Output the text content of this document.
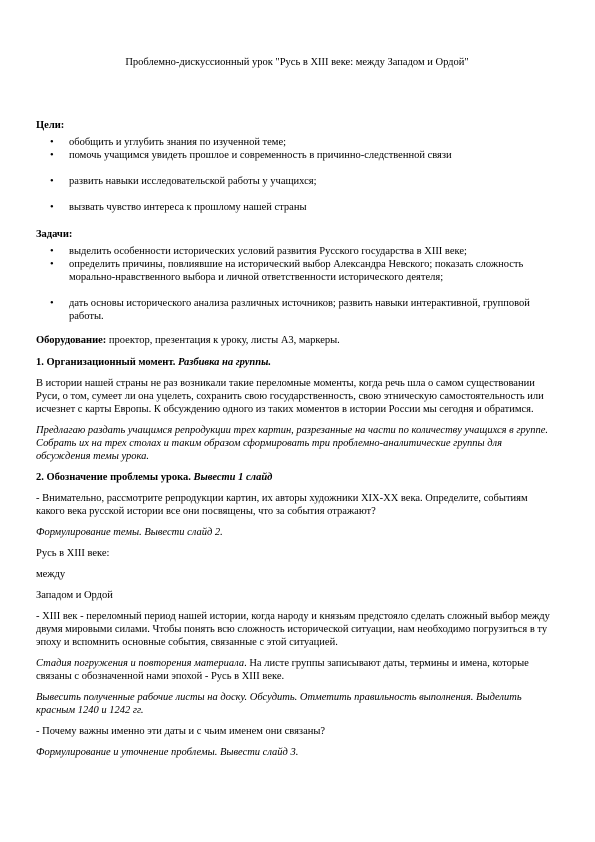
Проблемно-дискуссионный урок "Русь в XIII веке: между Западом и Ордой"

Цели:

• обобщить и углубить знания по изученной теме;
• помочь учащимся увидеть прошлое и современность в причинно-следственной связи
• развить навыки исследовательской работы у учащихся;
• вызвать чувство интереса к прошлому нашей страны

Задачи:

• выделить особенности исторических условий развития Русского государства в XIII веке;
• определить причины, повлиявшие на исторический выбор Александра Невского; показать сложность морально-нравственного выбора и личной ответственности исторического деятеля;
• дать основы исторического анализа различных источников; развить навыки интерактивной, групповой работы.

Оборудование: проектор, презентация к уроку, листы А3, маркеры.

1. Организационный момент. Разбивка на группы.

В истории нашей страны не раз возникали такие переломные моменты, когда речь шла о самом существовании Руси, о том, сумеет ли она уцелеть, сохранить свою государственность, свою этническую самостоятельность или исчезнет с карты Европы. К обсуждению одного из таких моментов в истории России мы сегодня и обратимся.

Предлагаю раздать учащимся репродукции трех картин, разрезанные на части по количеству учащихся в группе. Собрать их на трех столах и таким образом сформировать три проблемно-аналитические группы для обсуждения темы урока.

2. Обозначение проблемы урока. Вывести 1 слайд

- Внимательно, рассмотрите репродукции картин, их авторы художники XIX-XX века. Определите, событиям какого века русской истории все они посвящены, что за события отражают?

Формулирование темы. Вывести слайд 2.

Русь в XIII веке:

между

Западом и Ордой

- XIII век - переломный период нашей истории, когда народу и князьям предстояло сделать сложный выбор между двумя мировыми силами. Чтобы понять всю сложность исторической ситуации, нам необходимо погрузиться в ту эпоху и вспомнить основные события, связанные с этой ситуацией.

Стадия погружения и повторения материала. На листе группы записывают даты, термины и имена, которые связаны с обозначенной нами эпохой - Русь в XIII веке.

Вывесить полученные рабочие листы на доску. Обсудить. Отметить правильность выполнения. Выделить красным 1240 и 1242 гг.

- Почему важны именно эти даты и с чьим именем они связаны?

Формулирование и уточнение проблемы. Вывести слайд 3.
